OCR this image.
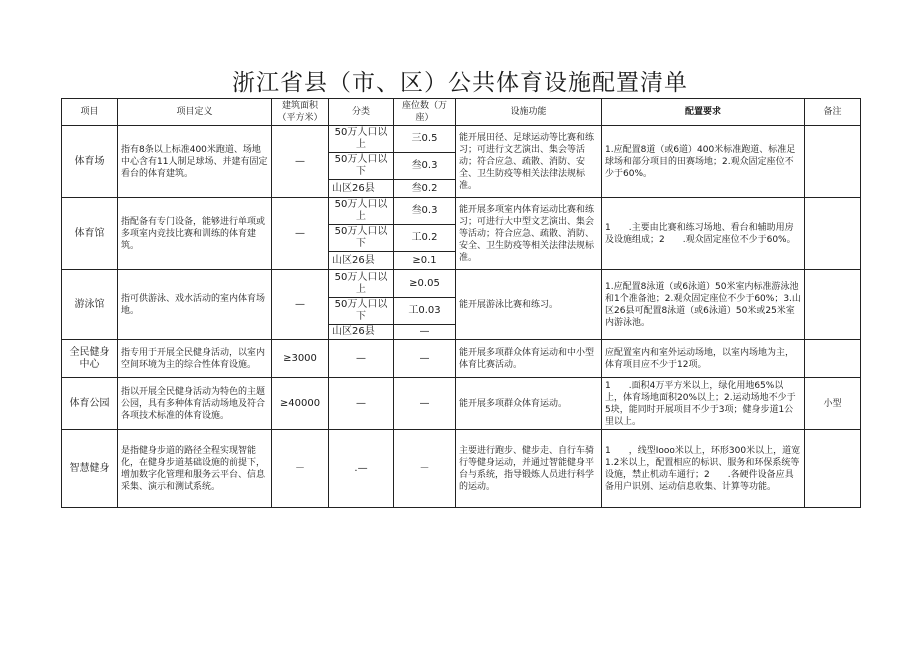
浙江省县（市、区）公共体育设施配置清单
项目	项目定义	建筑面积（平方米）	分类	座位数（万座）	设施功能	配置要求	备注
体育场	指有8条以上标准400米跑道、场地中心含有11人制足球场、并建有固定看台的体育建筑。	—	50万人口以上	三0.5	能开展田径、足球运动等比赛和练习；可进行文艺演出、集会等活动；符合应急、疏散、消防、安全、卫生防疫等相关法律法规标准。	1.应配置8道（或6道）400米标准跑道、标准足球场和部分项目的田赛场地；2.观众固定座位不少于60%。	
			50万人口以下	叁0.3			
			山区26县	叁0.2			
体育馆	指配备有专门设备，能够进行单项或多项室内竞技比赛和训练的体育建筑。	—	50万人口以上	叁0.3	能开展多项室内体育运动比赛和练习；可进行大中型文艺演出、集会等活动；符合应急、疏散、消防、安全、卫生防疫等相关法律法规标准。	1　　.主要由比赛和练习场地、看台和辅助用房及设施组成；2　　.观众固定座位不少于60%。	
			50万人口以下	工0.2			
			山区26县	≥0.1			
游泳馆	指可供游泳、戏水活动的室内体育场地。	—	50万人口以上	≥0.05	能开展游泳比赛和练习。	1.应配置8泳道（或6泳道）50米室内标准游泳池和1个准备池；2.观众固定座位不少于60%；3.山区26县可配置8泳道（或6泳道）50米或25米室内游泳池。	
			50万人口以下	工0.03			
			山区26县	—			
全民健身中心	指专用于开展全民健身活动，以室内空间环境为主的综合性体育设施。	≥3000	—	—	能开展多项群众体育运动和中小型体育比赛活动。	应配置室内和室外运动场地，以室内场地为主，体育项目应不少于12项。	
体育公园	指以开展全民健身活动为特色的主题公园，具有多种体育活动场地及符合各项技术标准的体育设施。	≥40000	—	—	能开展多项群众体育运动。	1　　.面积4万平方米以上，绿化用地65%以上，体育场地面积20%以上；2.运动场地不少于5块，能同时开展项目不少于3项；健身步道1公里以上。	小型
智慧健身	是指健身步道的路径全程实现智能化，在健身步道基础设施的前提下，增加数字化管理和服务云平台、信息采集、演示和测试系统。	－	.—	－	主要进行跑步、健步走、自行车骑行等健身运动，并通过智能健身平台与系统，指导锻炼人员进行科学的运动。	1　　，线型Iooo米以上，环形300米以上，道宽1.2米以上，配置相应的标识、服务和环保系统等设施，禁止机动车通行；2　　.各硬件设备应具备用户识别、运动信息收集、计算等功能。	
